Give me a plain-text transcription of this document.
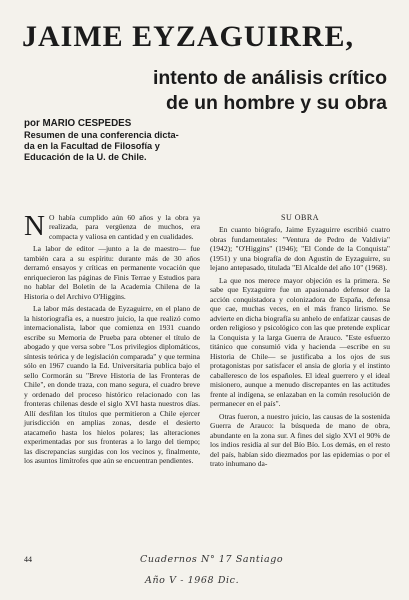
JAIME EYZAGUIRRE,
intento de análisis crítico
de un hombre y su obra
por MARIO CESPEDES
Resumen de una conferencia dicta-
da en la Facultad de Filosofía y
Educación de la U. de Chile.

N O había cumplido aún 60 años y la obra ya realizada, para vergüenza de muchos, era compacta y valiosa en cantidad y en cualidades.

La labor de editor —junto a la de maestro— fue también cara a su espíritu: durante más de 30 años derramó ensayos y críticas en permanente vocación que enriquecieron las páginas de Finis Terrae y Estudios para no hablar del Boletín de la Academia Chilena de la Historia o del Archivo O'Higgins.

La labor más destacada de Eyzaguirre, en el plano de la historiografía es, a nuestro juicio, la que realizó como internacionalista, labor que comienza en 1931 cuando escribe su Memoria de Prueba para obtener el título de abogado y que versa sobre "Los privilegios diplomáticos, síntesis teórica y de legislación comparada" y que termina sólo en 1967 cuando la Ed. Universitaria publica bajo el sello Cormorán su "Breve Historia de las Fronteras de Chile", en donde traza, con mano segura, el cuadro breve y ordenado del proceso histórico relacionado con las fronteras chilenas desde el siglo XVI hasta nuestros días. Allí desfilan los títulos que permitieron a Chile ejercer jurisdicción en amplias zonas, desde el desierto atacameño hasta los hielos polares; las alteraciones experimentadas por sus fronteras a lo largo del tiempo; las discrepancias surgidas con los vecinos y, finalmente, los asuntos limítrofes que aún se encuentran pendientes.

SU OBRA

En cuanto biógrafo, Jaime Eyzaguirre escribió cuatro obras fundamentales: "Ventura de Pedro de Valdivia" (1942); "O'Higgins" (1946); "El Conde de la Conquista" (1951) y una biografía de don Agustín de Eyzaguirre, su lejano antepasado, titulada "El Alcalde del año 10" (1968).

La que nos merece mayor objeción es la primera. Se sabe que Eyzaguirre fue un apasionado defensor de la acción conquistadora y colonizadora de España, defensa que cae, muchas veces, en el más franco lirismo. Se advierte en dicha biografía su anhelo de enfatizar causas de orden religioso y psicológico con las que pretende explicar la Conquista y la larga Guerra de Arauco. "Este esfuerzo titánico que consumió vida y hacienda —escribe en su Historia de Chile— se justificaba a los ojos de sus protagonistas por satisfacer el ansia de gloria y el instinto caballeresco de los españoles. El ideal guerrero y el ideal misionero, aunque a menudo discrepantes en las actitudes frente al indígena, se enlazaban en la común resolución de permanecer en el país".

Otras fueron, a nuestro juicio, las causas de la sostenida Guerra de Arauco: la búsqueda de mano de obra, abundante en la zona sur. A fines del siglo XVI el 90% de los indios residía al sur del Bío Bío. Los demás, en el resto del país, habían sido diezmados por las epidemias o por el trato inhumano da-

44	Cuadernos N° 17 Santiago
Año V - 1968 Dic.
